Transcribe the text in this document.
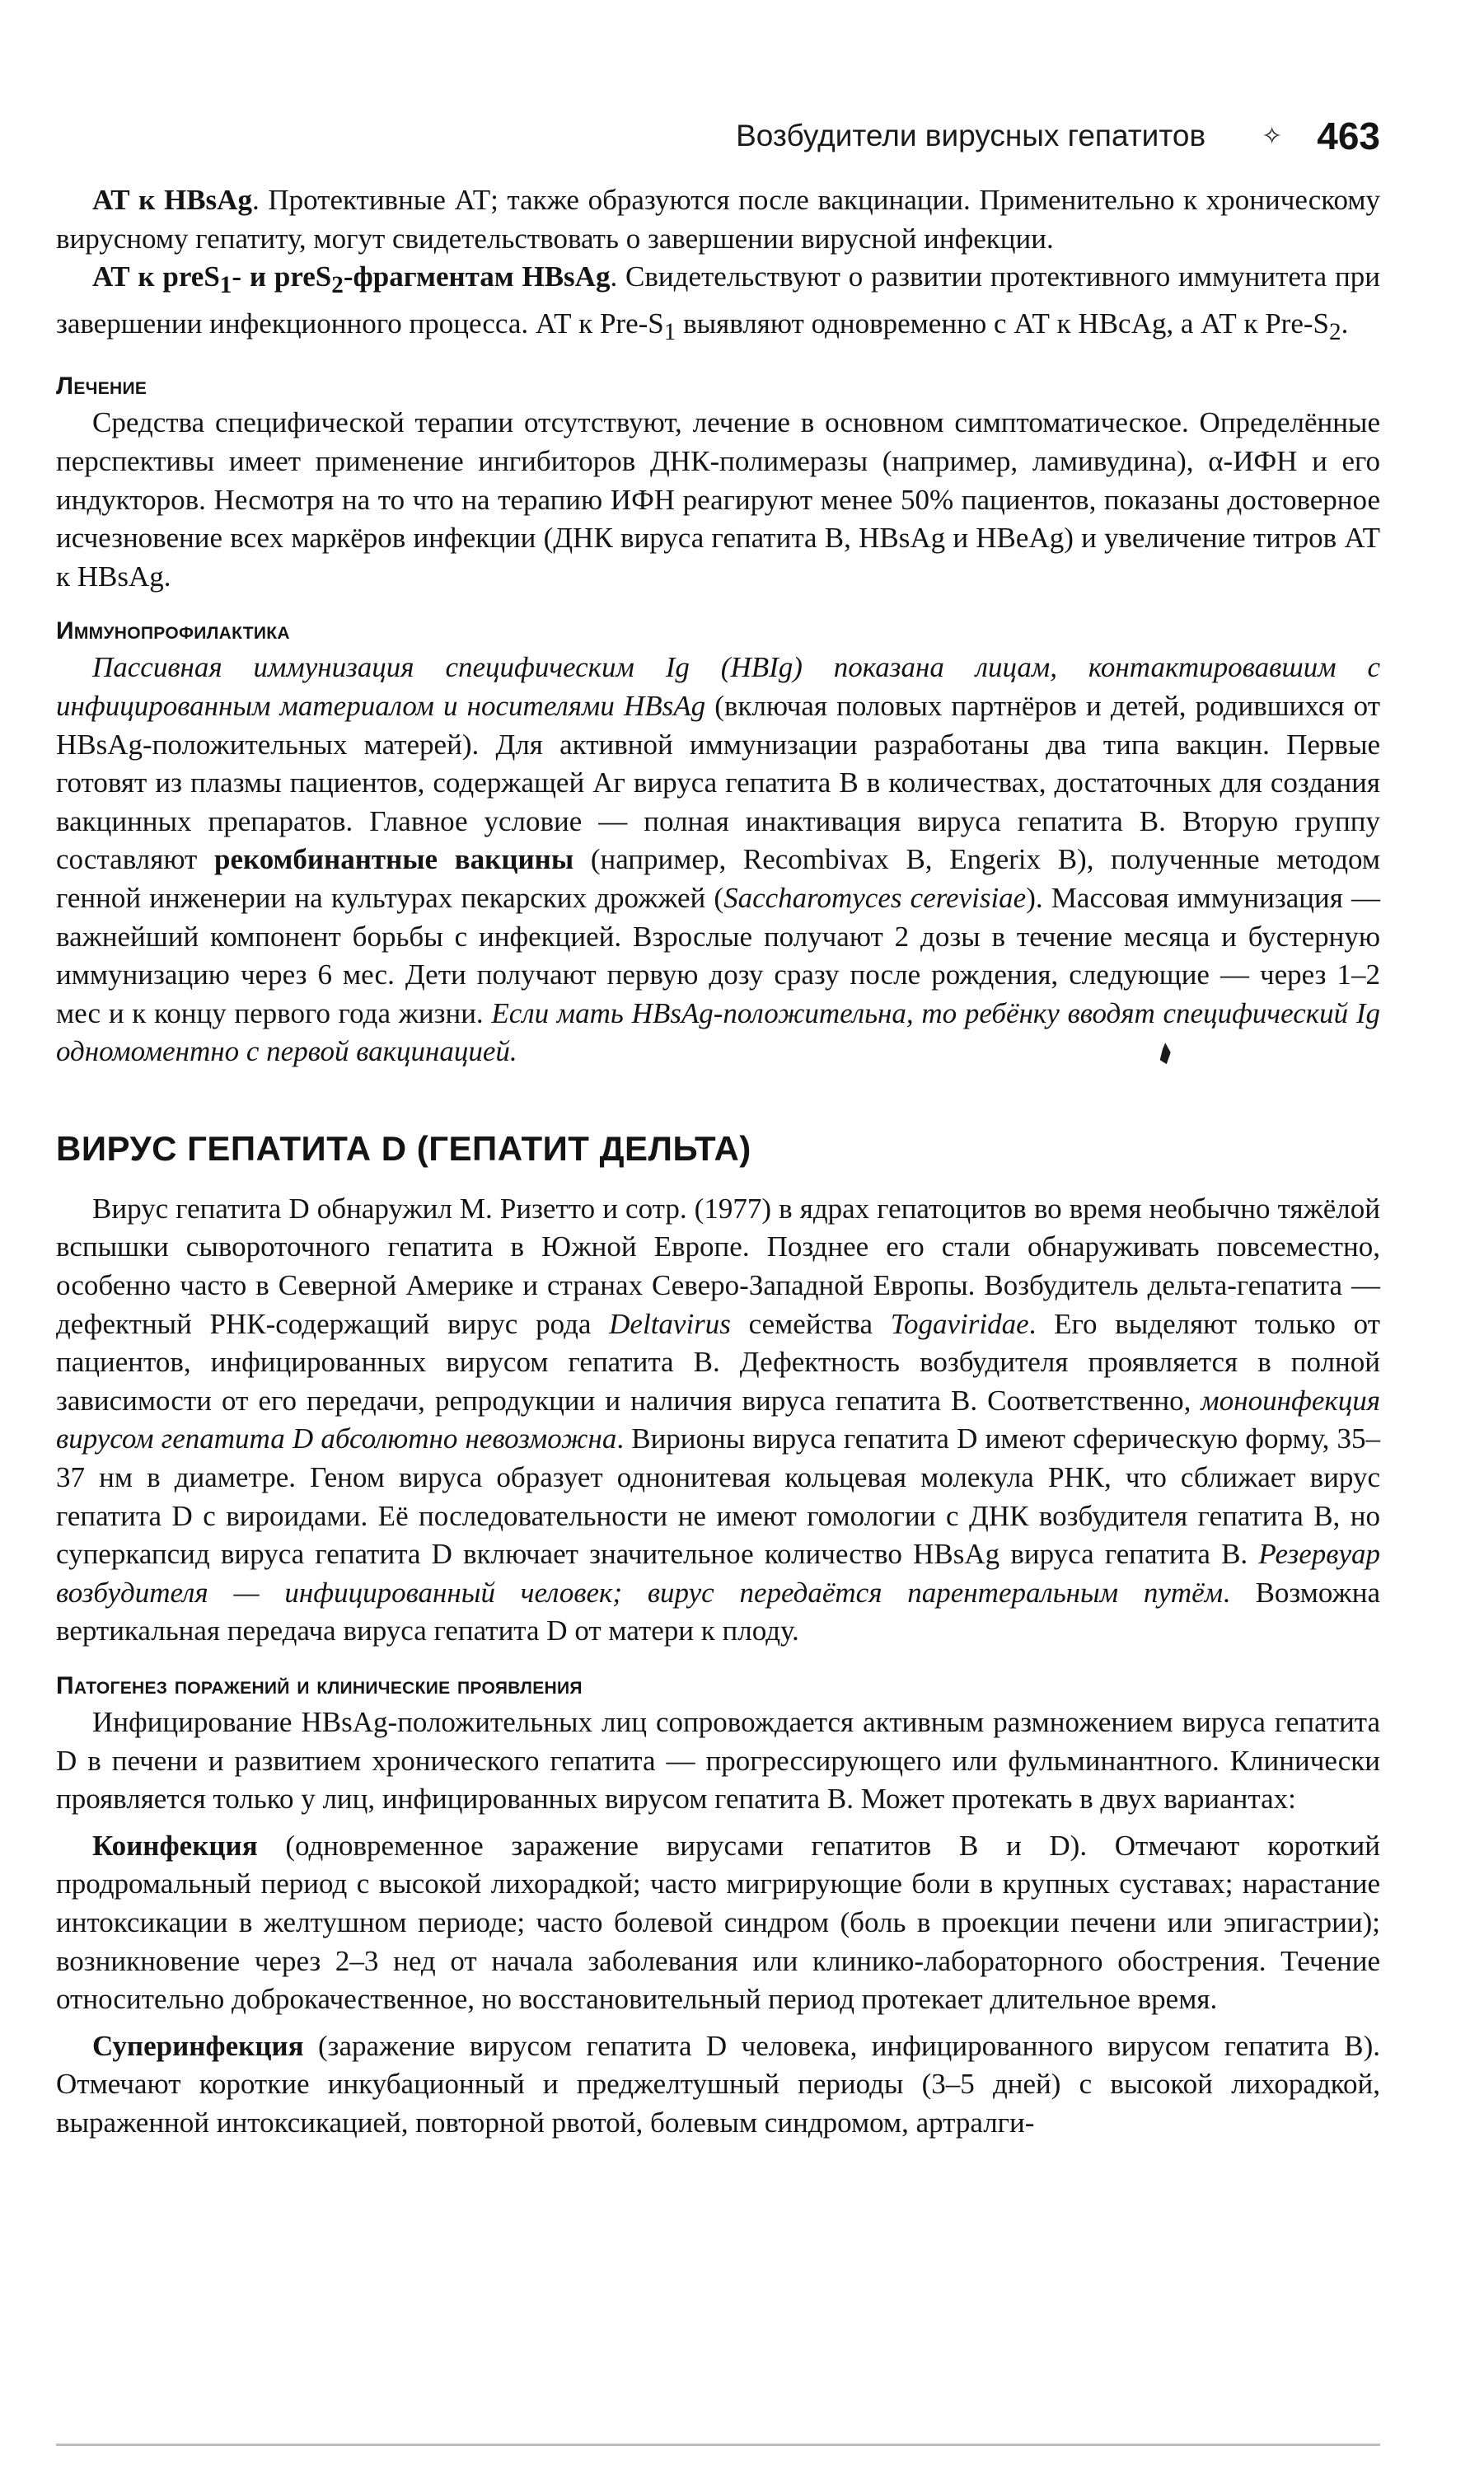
Возбудители вирусных гепатитов ✧ 463

АТ к HBsAg. Протективные АТ; также образуются после вакцинации. Применительно к хроническому вирусному гепатиту, могут свидетельствовать о завершении вирусной инфекции.

АТ к preS$_1$- и preS$_2$-фрагментам HBsAg. Свидетельствуют о развитии протективного иммунитета при завершении инфекционного процесса. АТ к Pre-$S_1$ выявляют одновременно с АТ к HBcAg, а АТ к Pre-$S_2$.

Лечение

Средства специфической терапии отсутствуют, лечение в основном симптоматическое. Определённые перспективы имеет применение ингибиторов ДНК-полимеразы (например, ламивудина), α-ИФН и его индукторов. Несмотря на то что на терапию ИФН реагируют менее 50% пациентов, показаны достоверное исчезновение всех маркёров инфекции (ДНК вируса гепатита В, HBsAg и HBeAg) и увеличение титров АТ к HBsAg.

Иммунопрофилактика

Пассивная иммунизация специфическим Ig (HBIg) показана лицам, контактировавшим с инфицированным материалом и носителями HBsAg (включая половых партнёров и детей, родившихся от HBsAg-положительных матерей). Для активной иммунизации разработаны два типа вакцин. Первые готовят из плазмы пациентов, содержащей Аг вируса гепатита В в количествах, достаточных для создания вакцинных препаратов. Главное условие — полная инактивация вируса гепатита В. Вторую группу составляют рекомбинантные вакцины (например, Recombivax B, Engerix B), полученные методом генной инженерии на культурах пекарских дрожжей (Saccharomyces cerevisiae). Массовая иммунизация — важнейший компонент борьбы с инфекцией. Взрослые получают 2 дозы в течение месяца и бустерную иммунизацию через 6 мес. Дети получают первую дозу сразу после рождения, следующие — через 1–2 мес и к концу первого года жизни. Если мать HBsAg-положительна, то ребёнку вводят специфический Ig одномоментно с первой вакцинацией.

ВИРУС ГЕПАТИТА D (ГЕПАТИТ ДЕЛЬТА)

Вирус гепатита D обнаружил М. Ризетто и сотр. (1977) в ядрах гепатоцитов во время необычно тяжёлой вспышки сывороточного гепатита в Южной Европе. Позднее его стали обнаруживать повсеместно, особенно часто в Северной Америке и странах Северо-Западной Европы. Возбудитель дельта-гепатита — дефектный РНК-содержащий вирус рода Deltavirus семейства Togaviridae. Его выделяют только от пациентов, инфицированных вирусом гепатита В. Дефектность возбудителя проявляется в полной зависимости от его передачи, репродукции и наличия вируса гепатита В. Соответственно, моноинфекция вирусом гепатита D абсолютно невозможна. Вирионы вируса гепатита D имеют сферическую форму, 35–37 нм в диаметре. Геном вируса образует однонитевая кольцевая молекула РНК, что сближает вирус гепатита D с вироидами. Её последовательности не имеют гомологии с ДНК возбудителя гепатита В, но суперкапсид вируса гепатита D включает значительное количество HBsAg вируса гепатита В. Резервуар возбудителя — инфицированный человек; вирус передаётся парентеральным путём. Возможна вертикальная передача вируса гепатита D от матери к плоду.

Патогенез поражений и клинические проявления

Инфицирование HBsAg-положительных лиц сопровождается активным размножением вируса гепатита D в печени и развитием хронического гепатита — прогрессирующего или фульминантного. Клинически проявляется только у лиц, инфицированных вирусом гепатита В. Может протекать в двух вариантах:

Коинфекция (одновременное заражение вирусами гепатитов В и D). Отмечают короткий продромальный период с высокой лихорадкой; часто мигрирующие боли в крупных суставах; нарастание интоксикации в желтушном периоде; часто болевой синдром (боль в проекции печени или эпигастрии); возникновение через 2–3 нед от начала заболевания или клинико-лабораторного обострения. Течение относительно доброкачественное, но восстановительный период протекает длительное время.

Суперинфекция (заражение вирусом гепатита D человека, инфицированного вирусом гепатита В). Отмечают короткие инкубационный и преджелтушный периоды (3–5 дней) с высокой лихорадкой, выраженной интоксикацией, повторной рвотой, болевым синдромом, артралги-
